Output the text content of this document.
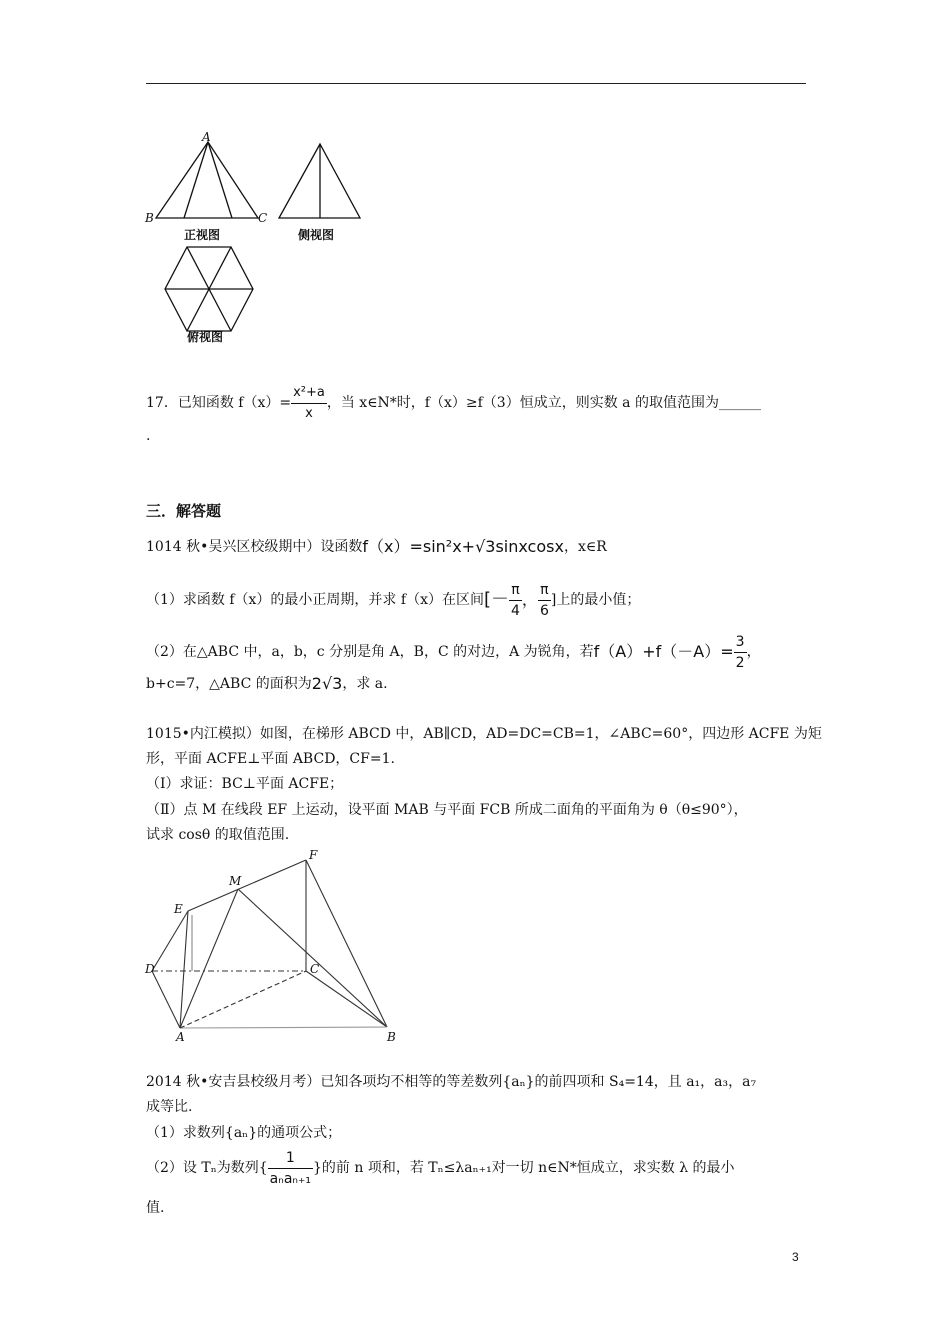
A
B	C
正视图	侧视图
俯视图
17．已知函数 $f(x)= \frac{\text{x²+a}}{x}$ ，当 x∈N*时，f（x）≥f（3）恒成立，则实数 a 的取值范围为 ______
.
三．解答题
1014 秋•吴兴区校级期中）设函数 f（x）=sin²x+√3sinxcosx ，x∈R
（1）求函数 f（x）的最小正周期，并求 f（x）在区间 [－ $\frac{\pi}{4}$ ， $\frac{\pi}{6}$ ]上的最小值；
（2）在△ABC 中，a，b，c 分别是角 A，B，C 的对边，A 为锐角，若 $f(A)+f(-A)= \frac{3}{2}$ ，
b+c=7，△ABC 的面积为 2√3 ，求 a.
1015•内江模拟）如图，在梯形 ABCD 中，AB∥CD，AD=DC=CB=1，∠ABC=60°，四边形 ACFE 为矩
形，平面 ACFE⊥平面 ABCD，CF=1.
（Ⅰ）求证：BC⊥平面 ACFE；
（Ⅱ）点 M 在线段 EF 上运动，设平面 MAB 与平面 FCB 所成二面角的平面角为 θ（θ≤90°），
试求 cosθ 的取值范围.
F
M
E
D	C
A	B
2014 秋•安吉县校级月考）已知各项均不相等的等差数列{aₙ}的前四项和 S₄=14，且 a₁，a₃，a₇
成等比.
（1）求数列{aₙ}的通项公式；
（2）设 Tₙ为数列{ $\frac{1}{\text{aₙaₙ₊₁}}$ }的前 n 项和，若 Tₙ≤λaₙ₊₁对一切 n∈N*恒成立，求实数 λ 的最小
值.
3
